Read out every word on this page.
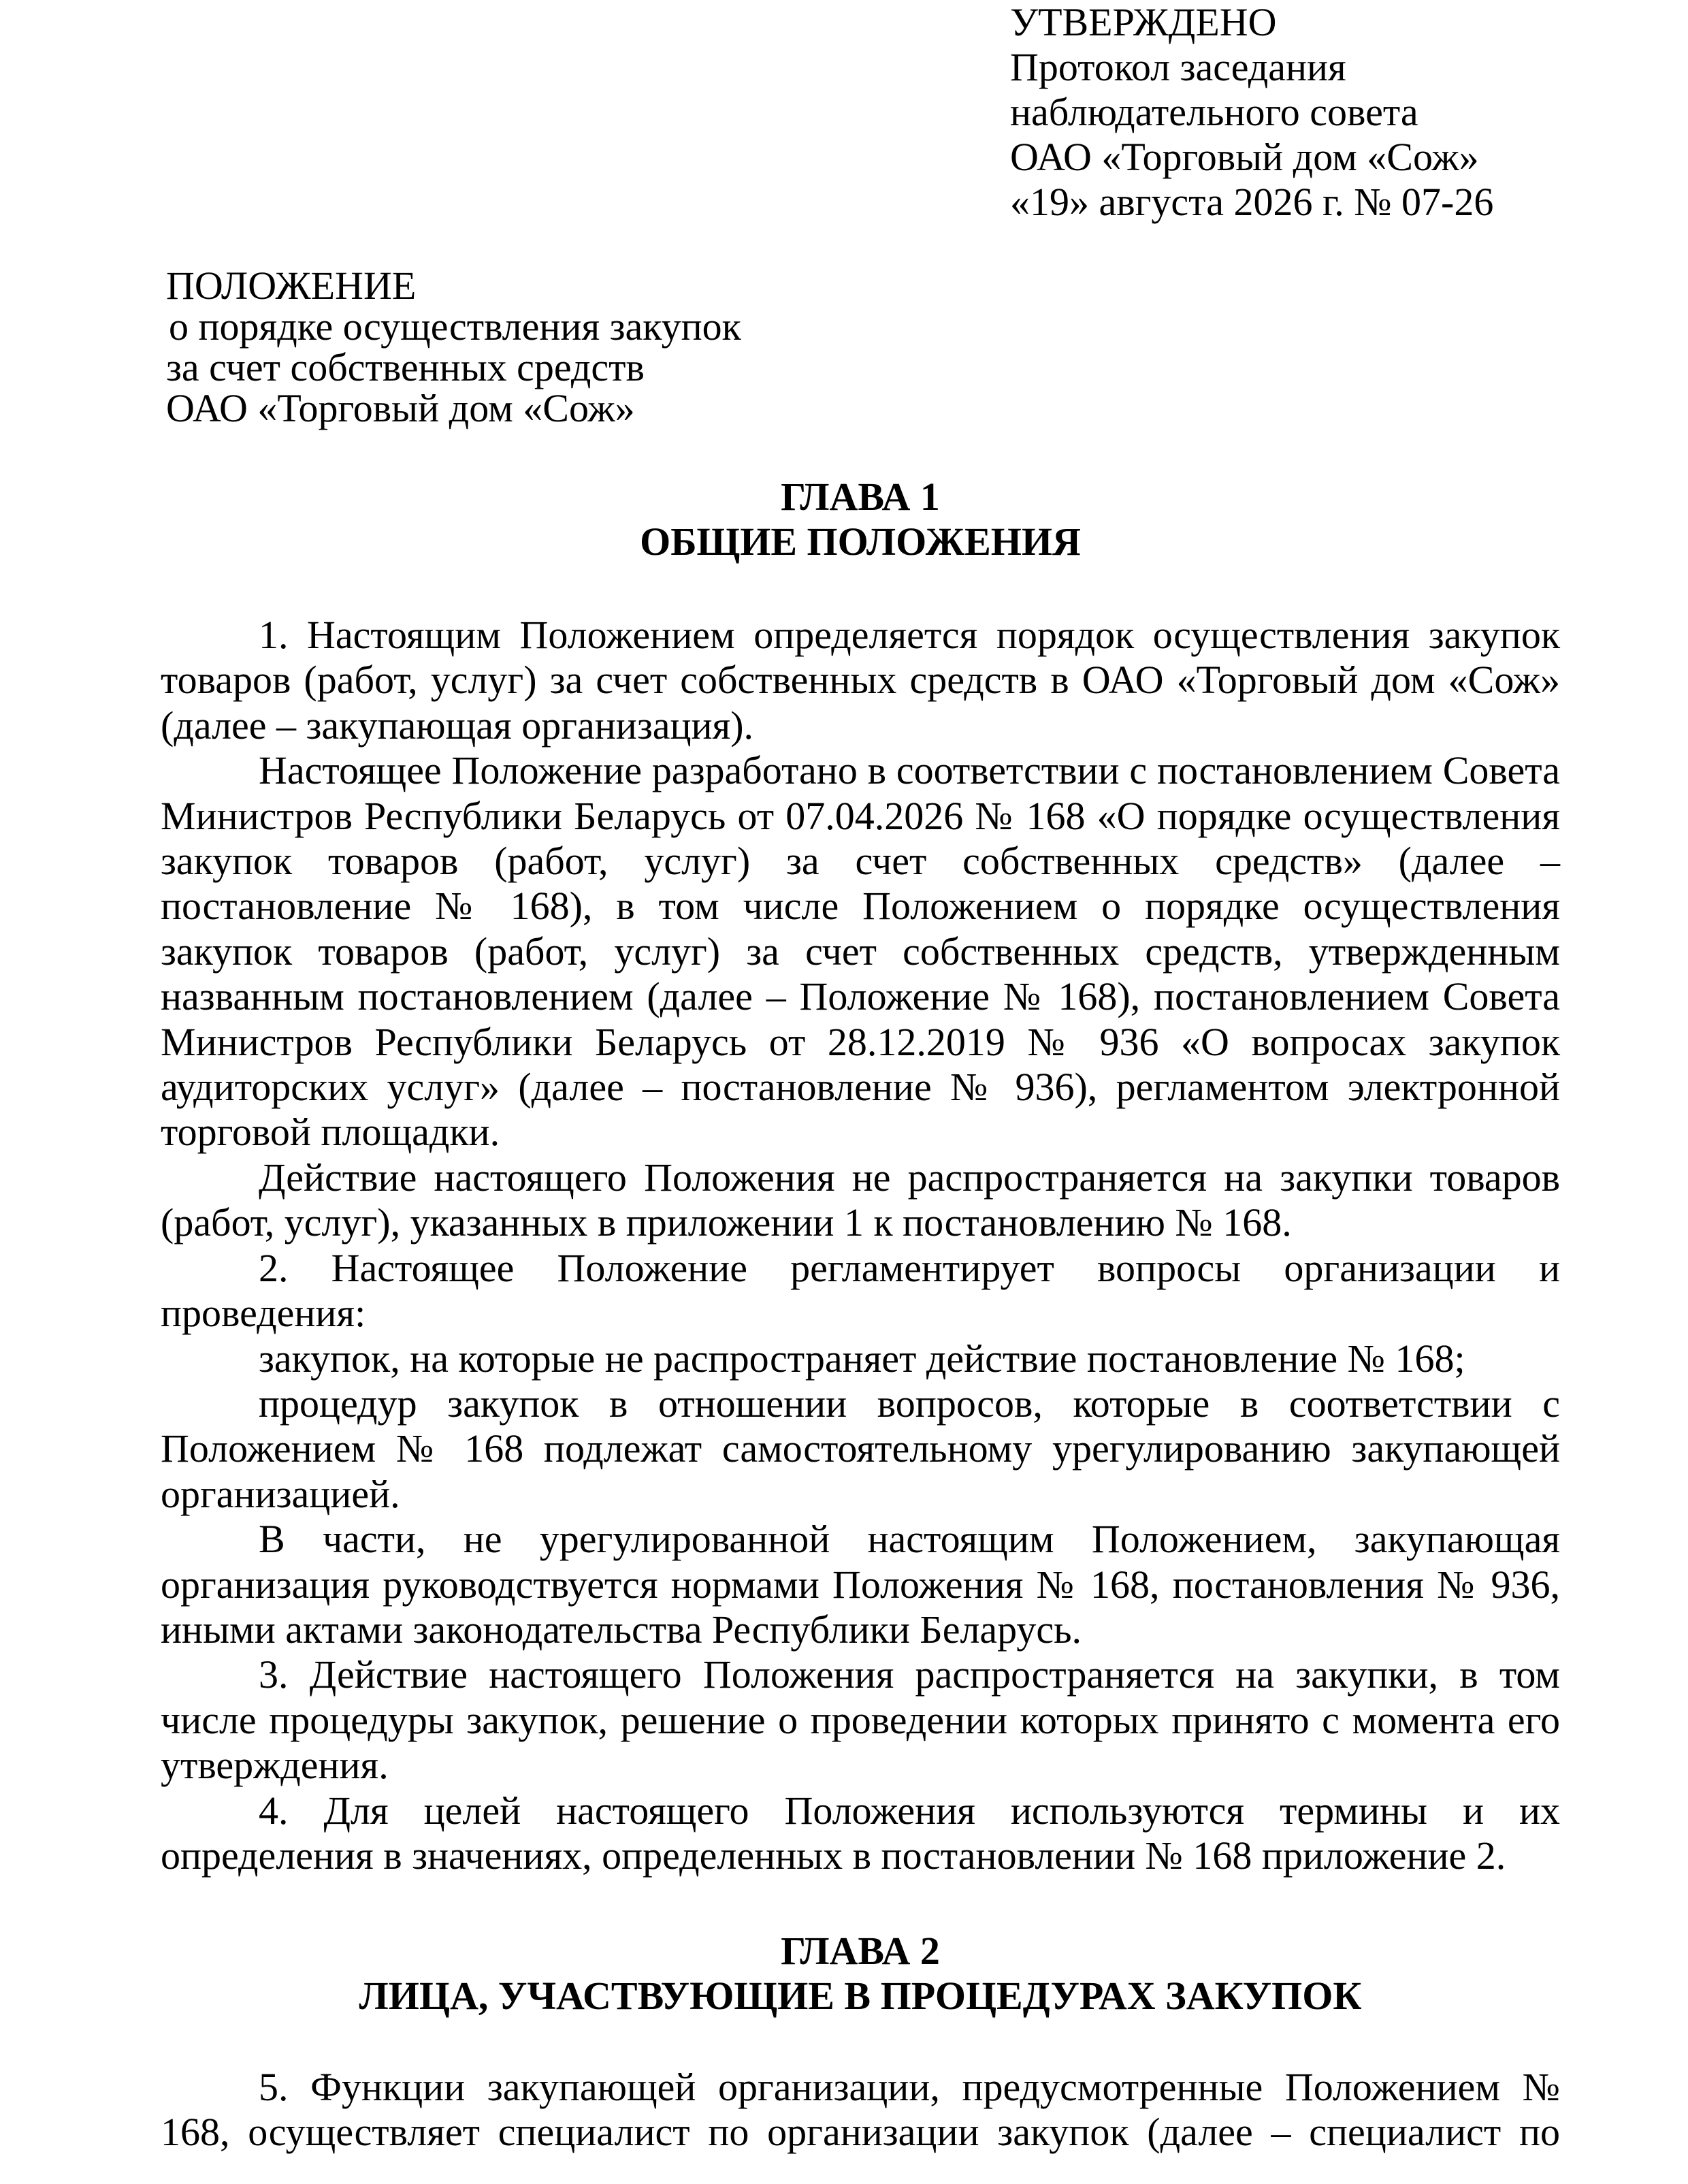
УТВЕРЖДЕНО
Протокол заседания
наблюдательного совета
ОАО «Торговый дом «Сож»
«19» августа 2026 г. № 07-26
ПОЛОЖЕНИЕ
о порядке осуществления закупок
за счет собственных средств
ОАО «Торговый дом «Сож»
ГЛАВА 1
ОБЩИЕ ПОЛОЖЕНИЯ

1. Настоящим Положением определяется порядок осуществления закупок товаров (работ, услуг) за счет собственных средств в ОАО «Торговый дом «Сож» (далее – закупающая организация).

Настоящее Положение разработано в соответствии с постановлением Совета Министров Республики Беларусь от 07.04.2026 № 168 «О порядке осуществления закупок товаров (работ, услуг) за счет собственных средств» (далее – постановление № 168), в том числе Положением о порядке осуществления закупок товаров (работ, услуг) за счет собственных средств, утвержденным названным постановлением (далее – Положение № 168), постановлением Совета Министров Республики Беларусь от 28.12.2019 № 936 «О вопросах закупок аудиторских услуг» (далее – постановление № 936), регламентом электронной торговой площадки.

Действие настоящего Положения не распространяется на закупки товаров (работ, услуг), указанных в приложении 1 к постановлению № 168.

2. Настоящее Положение регламентирует вопросы организации и проведения:

закупок, на которые не распространяет действие постановление № 168;

процедур закупок в отношении вопросов, которые в соответствии с Положением № 168 подлежат самостоятельному урегулированию закупающей организацией.

В части, не урегулированной настоящим Положением, закупающая организация руководствуется нормами Положения № 168, постановления № 936, иными актами законодательства Республики Беларусь.

3. Действие настоящего Положения распространяется на закупки, в том числе процедуры закупок, решение о проведении которых принято с момента его утверждения.

4. Для целей настоящего Положения используются термины и их определения в значениях, определенных в постановлении № 168 приложение 2.

ГЛАВА 2
ЛИЦА, УЧАСТВУЮЩИЕ В ПРОЦЕДУРАХ ЗАКУПОК

5. Функции закупающей организации, предусмотренные Положением № 168, осуществляет специалист по организации закупок (далее – специалист по
